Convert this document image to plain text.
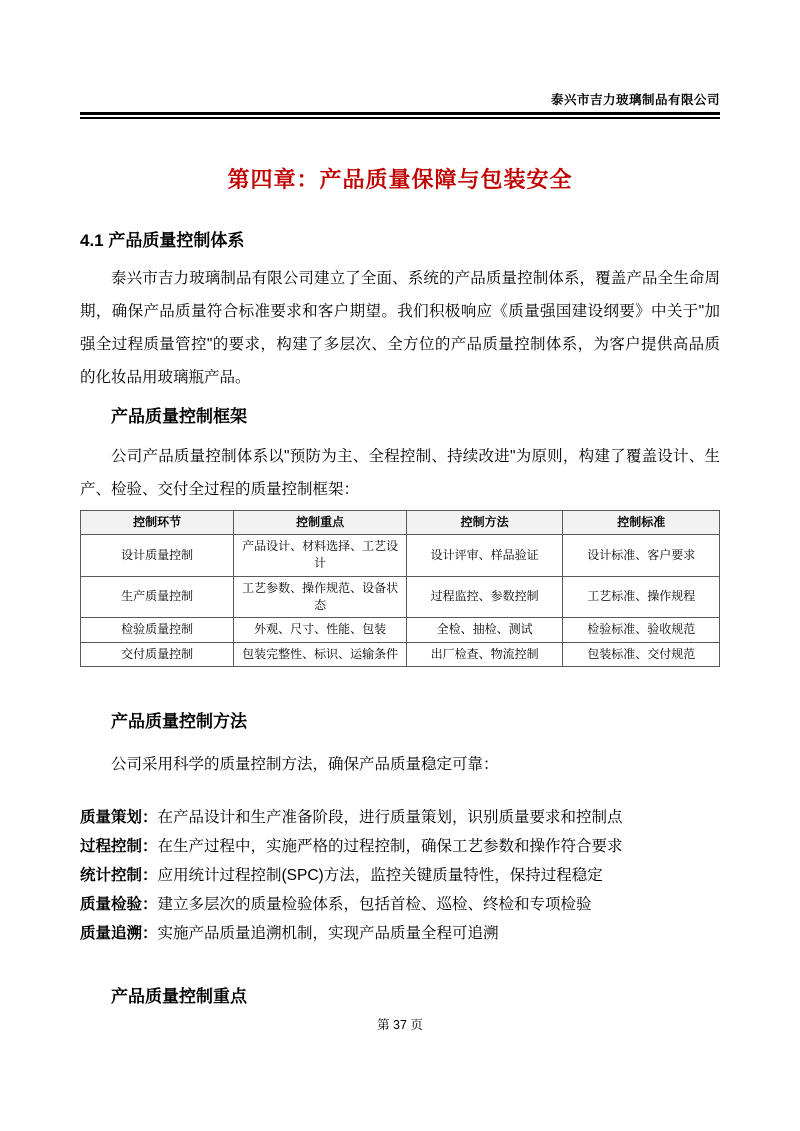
泰兴市吉力玻璃制品有限公司
第四章：产品质量保障与包装安全
4.1 产品质量控制体系

泰兴市吉力玻璃制品有限公司建立了全面、系统的产品质量控制体系，覆盖产品全生命周期，确保产品质量符合标准要求和客户期望。我们积极响应《质量强国建设纲要》中关于"加强全过程质量管控"的要求，构建了多层次、全方位的产品质量控制体系，为客户提供高品质的化妆品用玻璃瓶产品。

产品质量控制框架

公司产品质量控制体系以"预防为主、全程控制、持续改进"为原则，构建了覆盖设计、生产、检验、交付全过程的质量控制框架：

控制环节	控制重点	控制方法	控制标准
设计质量控制	产品设计、材料选择、工艺设计	设计评审、样品验证	设计标准、客户要求
生产质量控制	工艺参数、操作规范、设备状态	过程监控、参数控制	工艺标准、操作规程
检验质量控制	外观、尺寸、性能、包装	全检、抽检、测试	检验标准、验收规范
交付质量控制	包装完整性、标识、运输条件	出厂检查、物流控制	包装标准、交付规范
产品质量控制方法

公司采用科学的质量控制方法，确保产品质量稳定可靠：

质量策划：在产品设计和生产准备阶段，进行质量策划，识别质量要求和控制点
过程控制：在生产过程中，实施严格的过程控制，确保工艺参数和操作符合要求
统计控制：应用统计过程控制(SPC)方法，监控关键质量特性，保持过程稳定
质量检验：建立多层次的质量检验体系，包括首检、巡检、终检和专项检验
质量追溯：实施产品质量追溯机制，实现产品质量全程可追溯
产品质量控制重点
第 37 页
